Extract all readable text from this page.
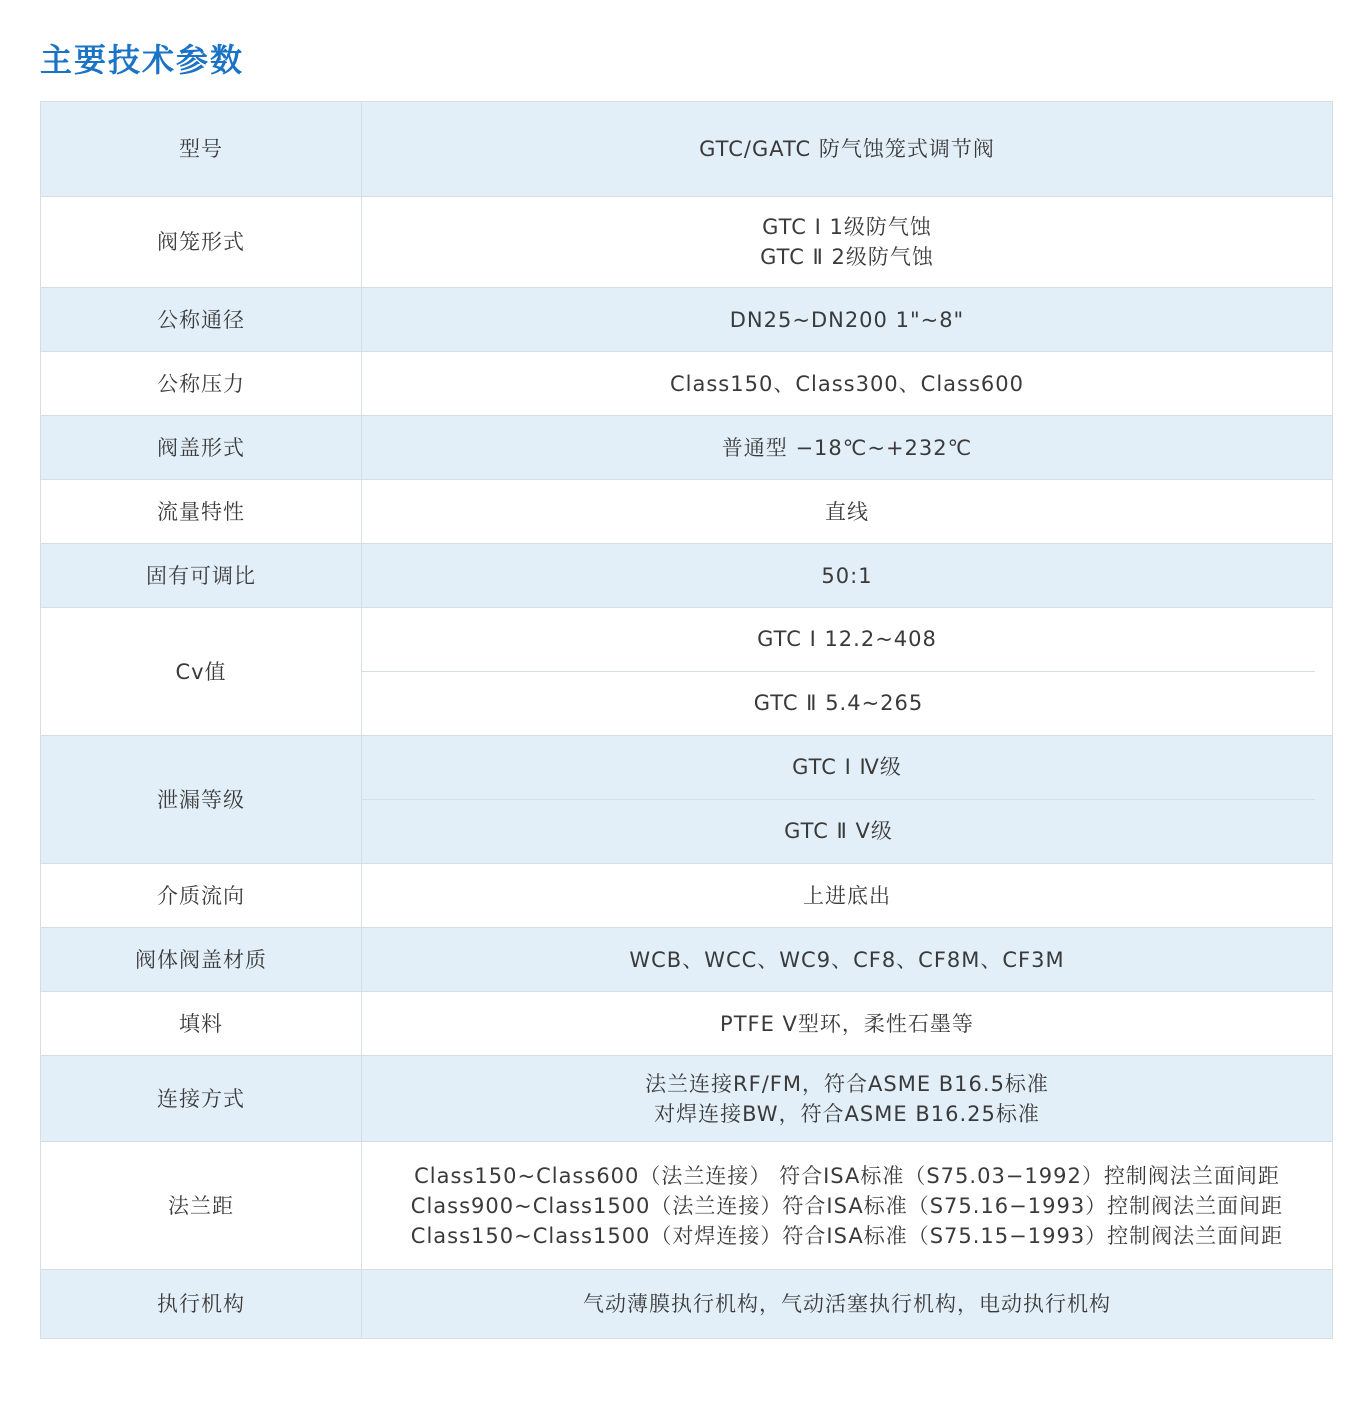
主要技术参数
型号	GTC/GATC 防气蚀笼式调节阀
阀笼形式	GTC Ⅰ 1级防气蚀
GTC Ⅱ 2级防气蚀

公称通径	DN25~DN200 1"~8"
公称压力	Class150、Class300、Class600
阀盖形式	普通型 −18℃~+232℃
流量特性	直线
固有可调比	50:1
Cv值	GTC Ⅰ 12.2~408
GTC Ⅱ 5.4~265

泄漏等级	GTC Ⅰ Ⅳ级
GTC Ⅱ Ⅴ级

介质流向	上进底出
阀体阀盖材质	WCB、WCC、WC9、CF8、CF8M、CF3M
填料	PTFE V型环，柔性石墨等
连接方式	法兰连接RF/FM，符合ASME B16.5标准
对焊连接BW，符合ASME B16.25标准

法兰距	Class150~Class600（法兰连接） 符合ISA标准（S75.03−1992）控制阀法兰面间距
Class900~Class1500（法兰连接）符合ISA标准（S75.16−1993）控制阀法兰面间距
Class150~Class1500（对焊连接）符合ISA标准（S75.15−1993）控制阀法兰面间距

执行机构	气动薄膜执行机构，气动活塞执行机构，电动执行机构
